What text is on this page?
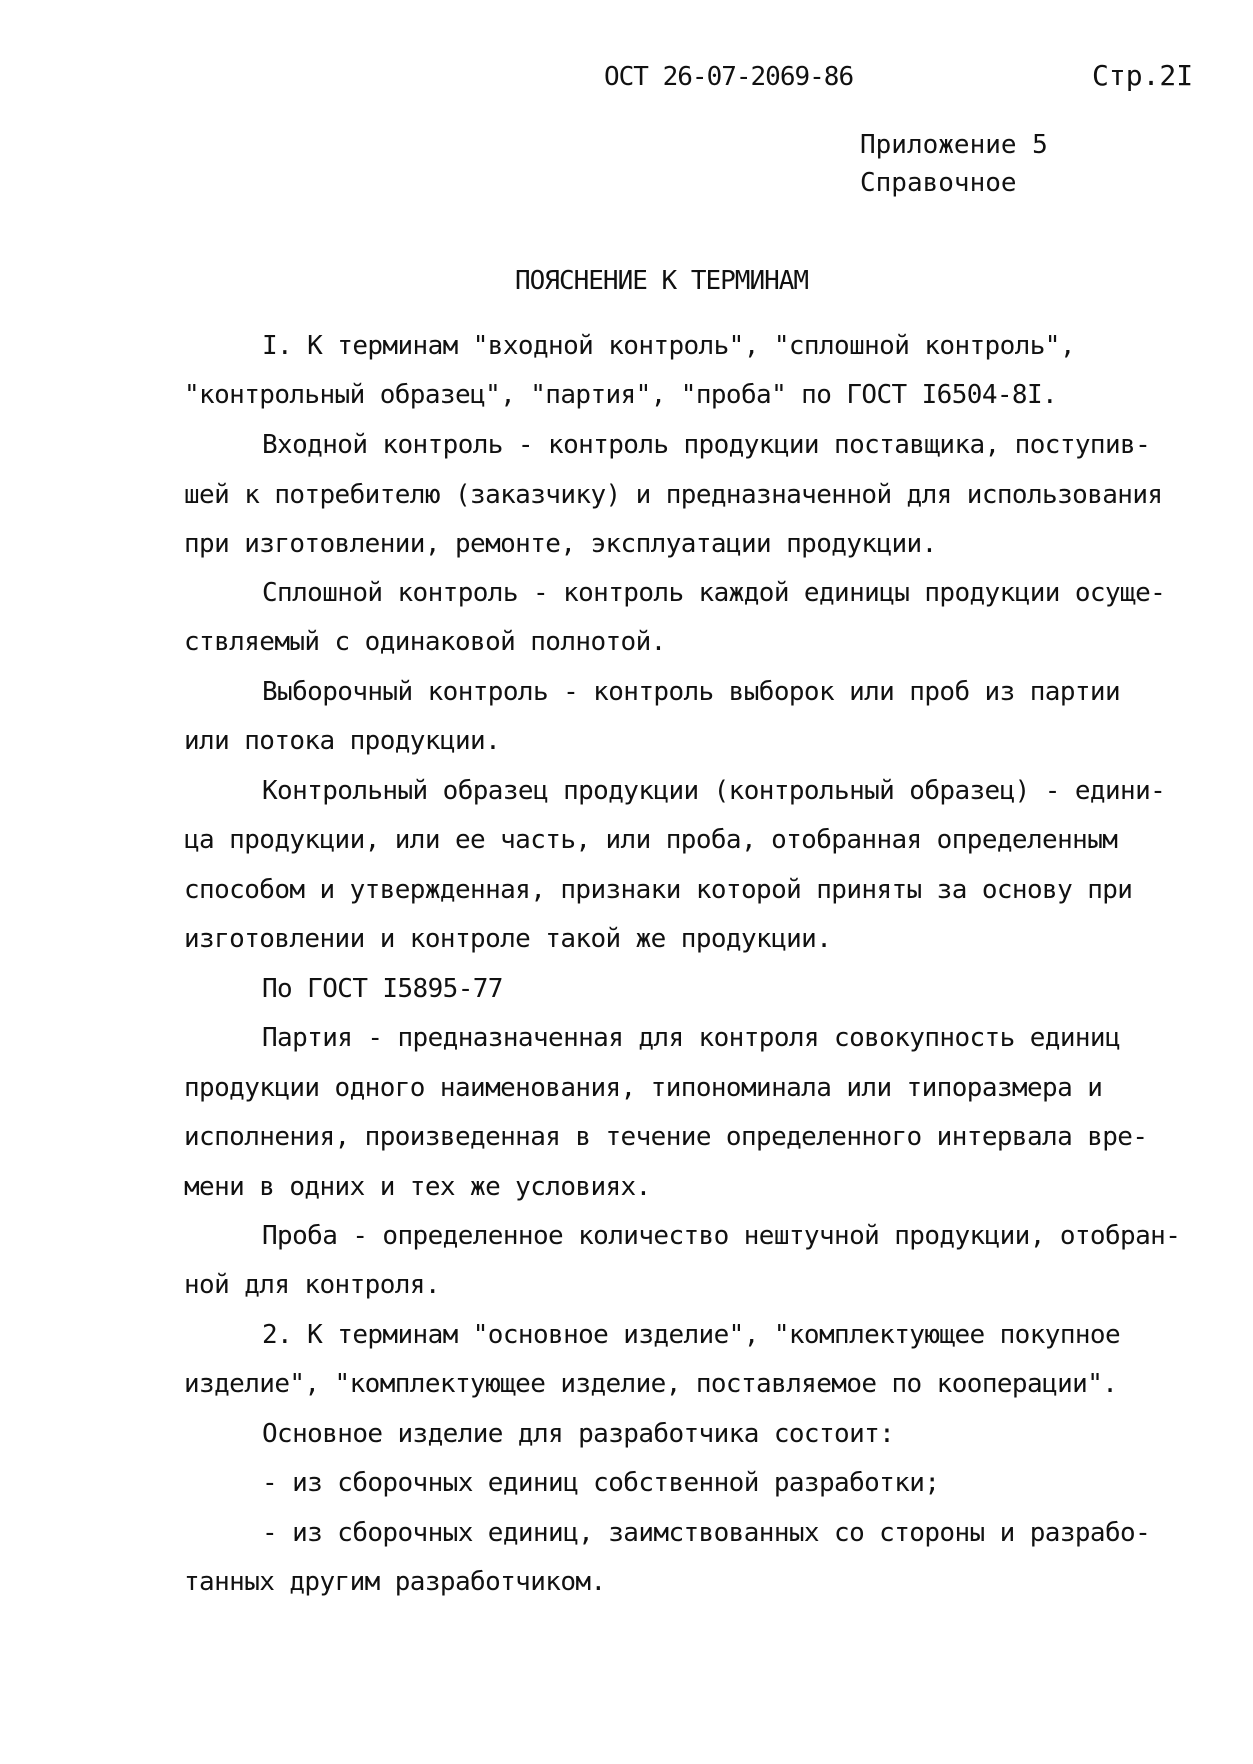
ОСТ 26-07-2069-86	Стр.2I
Приложение 5
Справочное
ПОЯСНЕНИЕ К ТЕРМИНАМ
I. К терминам "входной контроль", "сплошной контроль",
"контрольный образец", "партия", "проба" по ГОСТ I6504-8I.
Входной контроль - контроль продукции поставщика, поступив-
шей к потребителю (заказчику) и предназначенной для использования
при изготовлении, ремонте, эксплуатации продукции.
Сплошной контроль - контроль каждой единицы продукции осуще-
ствляемый с одинаковой полнотой.
Выборочный контроль - контроль выборок или проб из партии
или потока продукции.
Контрольный образец продукции (контрольный образец) - едини-
ца продукции, или ее часть, или проба, отобранная определенным
способом и утвержденная, признаки которой приняты за основу при
изготовлении и контроле такой же продукции.
По ГОСТ I5895-77
Партия - предназначенная для контроля совокупность единиц
продукции одного наименования, типономинала или типоразмера и
исполнения, произведенная в течение определенного интервала вре-
мени в одних и тех же условиях.
Проба - определенное количество нештучной продукции, отобран-
ной для контроля.
2. К терминам "основное изделие", "комплектующее покупное
изделие", "комплектующее изделие, поставляемое по кооперации".
Основное изделие для разработчика состоит:
- из сборочных единиц собственной разработки;
- из сборочных единиц, заимствованных со стороны и разрабо-
танных другим разработчиком.
